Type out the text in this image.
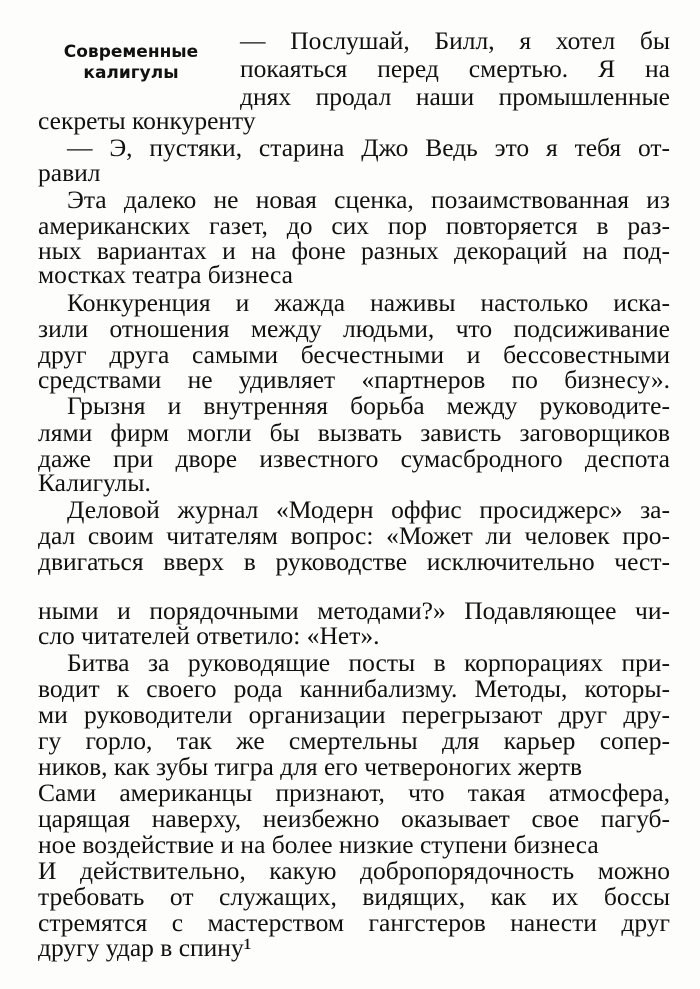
Современные
калигулы
— Послушай, Билл, я хотел бы
покаяться перед смертью. Я на
днях продал наши промышленные
секреты конкуренту
— Э, пустяки, старина Джо Ведь это я тебя от-
равил
Эта далеко не новая сценка, позаимствованная из
американских газет, до сих пор повторяется в раз-
ных вариантах и на фоне разных декораций на под-
мостках театра бизнеса
Конкуренция и жажда наживы настолько иска-
зили отношения между людьми, что подсиживание
друг друга самыми бесчестными и бессовестными
средствами не удивляет «партнеров по бизнесу».
Грызня и внутренняя борьба между руководите-
лями фирм могли бы вызвать зависть заговорщиков
даже при дворе известного сумасбродного деспота
Калигулы.
Деловой журнал «Модерн оффис просиджерс» за-
дал своим читателям вопрос: «Может ли человек про-
двигаться вверх в руководстве исключительно чест-
ными и порядочными методами?» Подавляющее чи-
сло читателей ответило: «Нет».
Битва за руководящие посты в корпорациях при-
водит к своего рода каннибализму. Методы, которы-
ми руководители организации перегрызают друг дру-
гу горло, так же смертельны для карьер сопер-
ников, как зубы тигра для его четвероногих жертв
Сами американцы признают, что такая атмосфера,
царящая наверху, неизбежно оказывает свое пагуб-
ное воздействие и на более низкие ступени бизнеса
И действительно, какую добропорядочность можно
требовать от служащих, видящих, как их боссы
стремятся с мастерством гангстеров нанести друг
другу удар в спину¹
